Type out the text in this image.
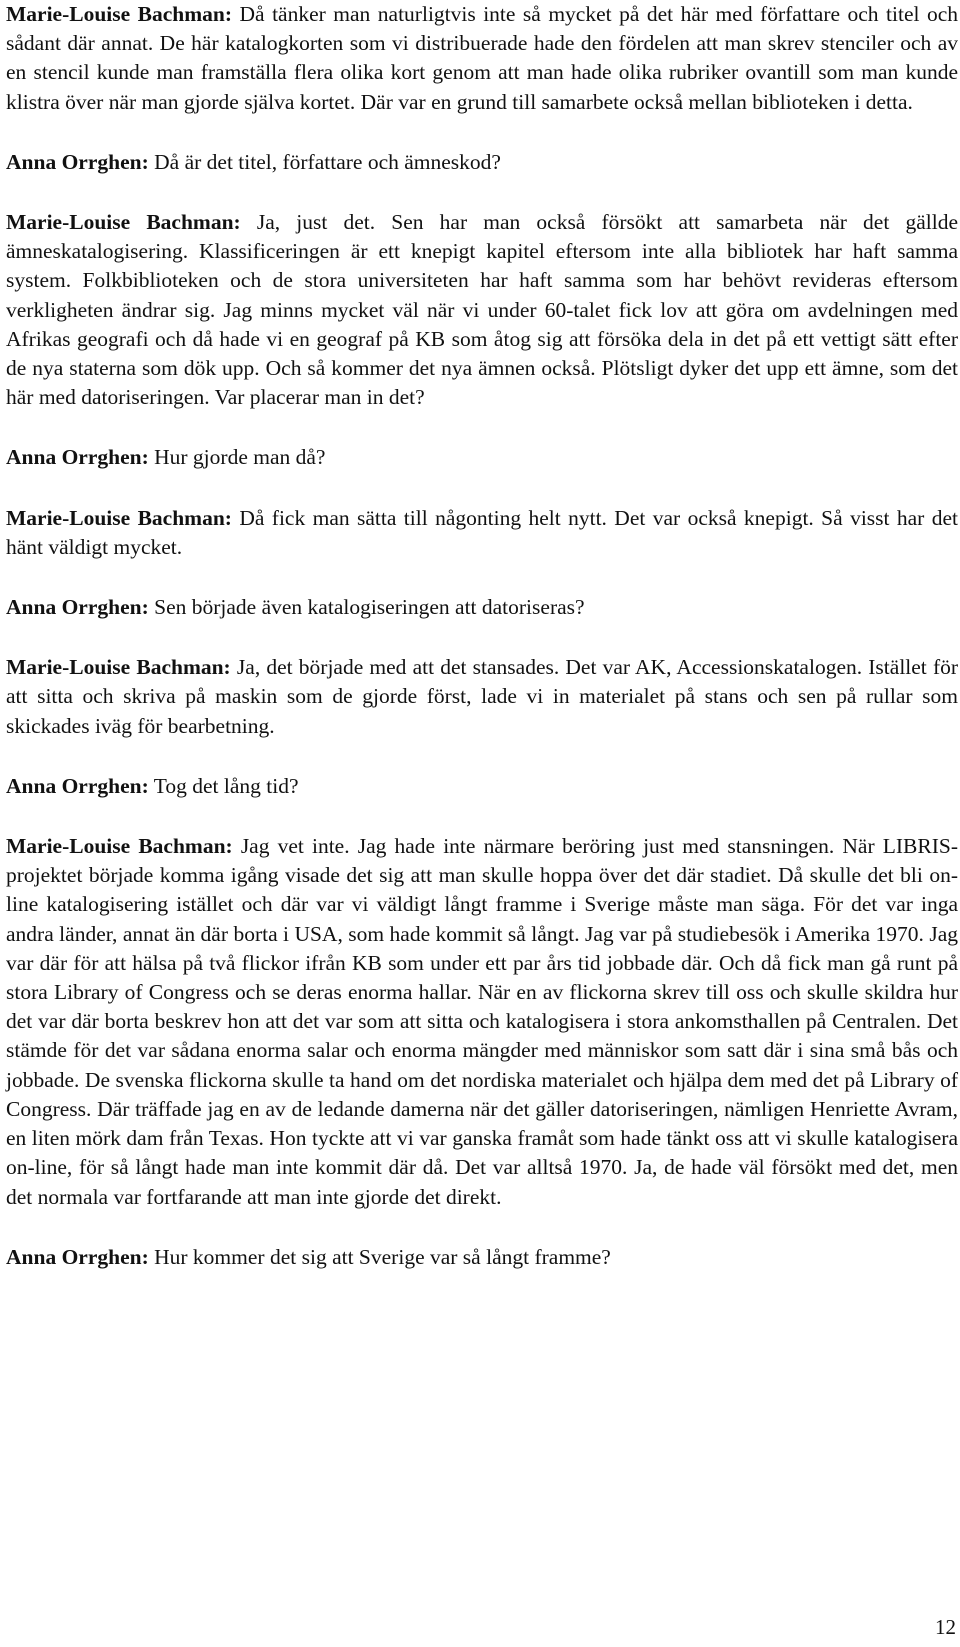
Marie-Louise Bachman: Då tänker man naturligtvis inte så mycket på det här med författare och titel och sådant där annat. De här katalogkorten som vi distribuerade hade den fördelen att man skrev stenciler och av en stencil kunde man framställa flera olika kort genom att man hade olika rubriker ovantill som man kunde klistra över när man gjorde själva kortet. Där var en grund till samarbete också mellan biblioteken i detta.

Anna Orrghen: Då är det titel, författare och ämneskod?

Marie-Louise Bachman: Ja, just det. Sen har man också försökt att samarbeta när det gällde ämneskatalogisering. Klassificeringen är ett knepigt kapitel eftersom inte alla bibliotek har haft samma system. Folkbiblioteken och de stora universiteten har haft samma som har behövt revideras eftersom verkligheten ändrar sig. Jag minns mycket väl när vi under 60-talet fick lov att göra om avdelningen med Afrikas geografi och då hade vi en geograf på KB som åtog sig att försöka dela in det på ett vettigt sätt efter de nya staterna som dök upp. Och så kommer det nya ämnen också. Plötsligt dyker det upp ett ämne, som det här med datoriseringen. Var placerar man in det?

Anna Orrghen: Hur gjorde man då?

Marie-Louise Bachman: Då fick man sätta till någonting helt nytt. Det var också knepigt. Så visst har det hänt väldigt mycket.

Anna Orrghen: Sen började även katalogiseringen att datoriseras?

Marie-Louise Bachman: Ja, det började med att det stansades. Det var AK, Accessionskatalogen. Istället för att sitta och skriva på maskin som de gjorde först, lade vi in materialet på stans och sen på rullar som skickades iväg för bearbetning.

Anna Orrghen: Tog det lång tid?

Marie-Louise Bachman: Jag vet inte. Jag hade inte närmare beröring just med stansningen. När LIBRIS-projektet började komma igång visade det sig att man skulle hoppa över det där stadiet. Då skulle det bli on-line katalogisering istället och där var vi väldigt långt framme i Sverige måste man säga. För det var inga andra länder, annat än där borta i USA, som hade kommit så långt. Jag var på studiebesök i Amerika 1970. Jag var där för att hälsa på två flickor ifrån KB som under ett par års tid jobbade där. Och då fick man gå runt på stora Library of Congress och se deras enorma hallar. När en av flickorna skrev till oss och skulle skildra hur det var där borta beskrev hon att det var som att sitta och katalogisera i stora ankomsthallen på Centralen. Det stämde för det var sådana enorma salar och enorma mängder med människor som satt där i sina små bås och jobbade. De svenska flickorna skulle ta hand om det nordiska materialet och hjälpa dem med det på Library of Congress. Där träffade jag en av de ledande damerna när det gäller datoriseringen, nämligen Henriette Avram, en liten mörk dam från Texas. Hon tyckte att vi var ganska framåt som hade tänkt oss att vi skulle katalogisera on-line, för så långt hade man inte kommit där då. Det var alltså 1970. Ja, de hade väl försökt med det, men det normala var fortfarande att man inte gjorde det direkt.

Anna Orrghen: Hur kommer det sig att Sverige var så långt framme?

12
